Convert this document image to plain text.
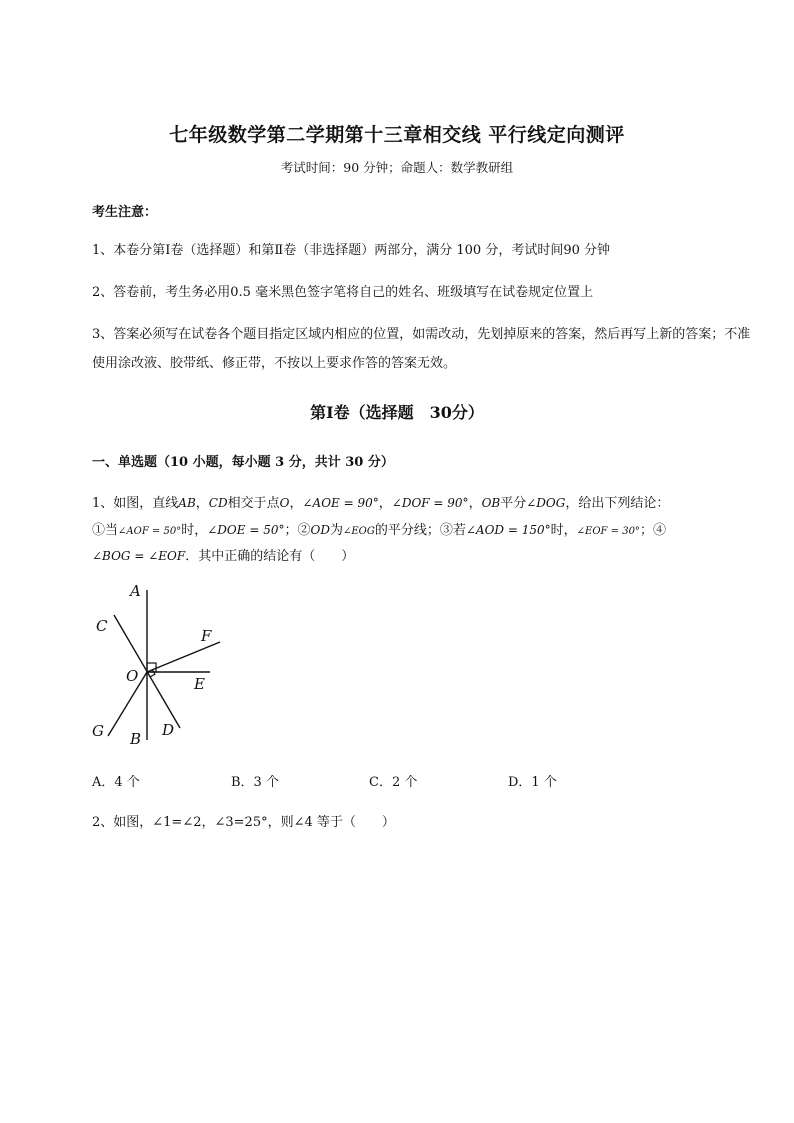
七年级数学第二学期第十三章相交线 平行线定向测评
考试时间：90 分钟；命题人：数学教研组
考生注意：
1、本卷分第Ⅰ卷（选择题）和第Ⅱ卷（非选择题）两部分，满分 100 分，考试时间90 分钟
2、答卷前，考生务必用0.5 毫米黑色签字笔将自己的姓名、班级填写在试卷规定位置上
3、答案必须写在试卷各个题目指定区域内相应的位置，如需改动，先划掉原来的答案，然后再写上新的答案；不准使用涂改液、胶带纸、修正带，不按以上要求作答的答案无效。
第Ⅰ卷（选择题　30分）
一、单选题（10 小题，每小题 3 分，共计 30 分）
1、如图，直线AB，CD相交于点O，∠AOE = 90°，∠DOF = 90°，OB平分∠DOG，给出下列结论：
①当∠AOF = 50°时，∠DOE = 50°；②OD为∠EOG的平分线；③若∠AOD = 150°时，∠EOF = 30°；④
∠BOG = ∠EOF．其中正确的结论有（　　）
A
C
F
O	E
G	D
B
A．4 个	B．3 个	C．2 个	D．1 个
2、如图，∠1=∠2，∠3=25°，则∠4 等于（　　）
